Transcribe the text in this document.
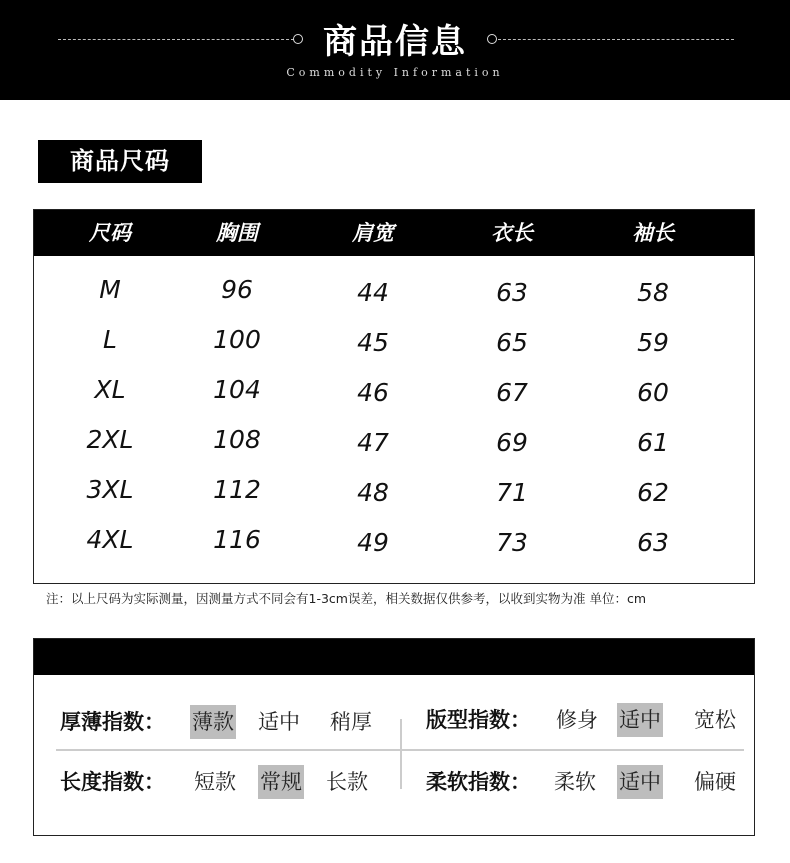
商品信息
Commodity Information
商品尺码
尺码	胸围	肩宽	衣长	袖长
M	96	44	63	58
L	100	45	65	59
XL	104	46	67	60
2XL	108	47	69	61
3XL	112	48	71	62
4XL	116	49	73	63
注：以上尺码为实际测量，因测量方式不同会有1-3cm误差，相关数据仅供参考，以收到实物为准 单位：cm
厚薄指数： 薄款 适中 稍厚	版型指数： 修身 适中 宽松
长度指数： 短款 常规 长款	柔软指数： 柔软 适中 偏硬
